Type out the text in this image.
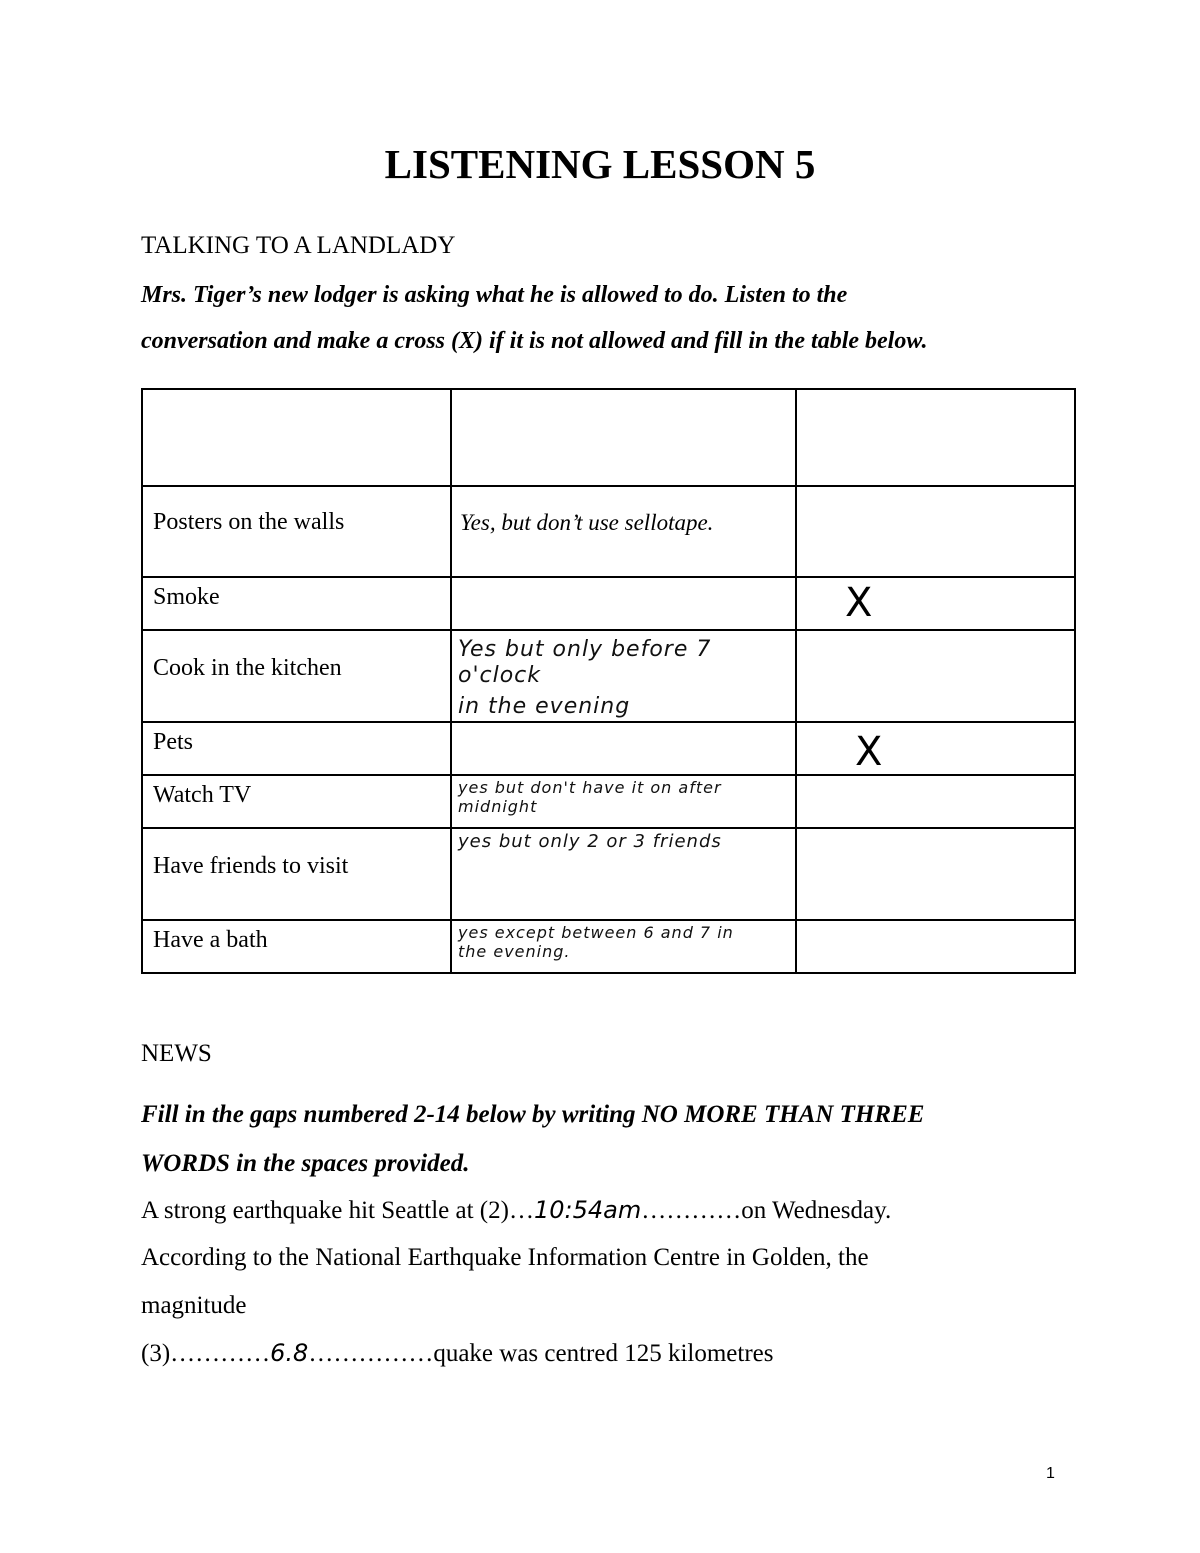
LISTENING LESSON 5
TALKING TO A LANDLADY
Mrs. Tiger’s new lodger is asking what he is allowed to do. Listen to the
conversation and make a cross (X) if it is not allowed and fill in the table below.

Posters on the walls	Yes, but don’t use sellotape.	

Smoke		X

Cook in the kitchen	Yes but only before 7 o'clock
in the evening	

Pets		X

Watch TV	yes but don't have it on after
midnight	

Have friends to visit	yes but only 2 or 3 friends	

Have a bath	yes except between 6 and 7 in
the evening.	

NEWS
Fill in the gaps numbered 2-14 below by writing NO MORE THAN THREE
WORDS in the spaces provided.
A strong earthquake hit Seattle at (2)…10:54am…………on Wednesday.
According to the National Earthquake Information Centre in Golden, the
magnitude
(3)…………6.8……………quake was centred 125 kilometres
1
